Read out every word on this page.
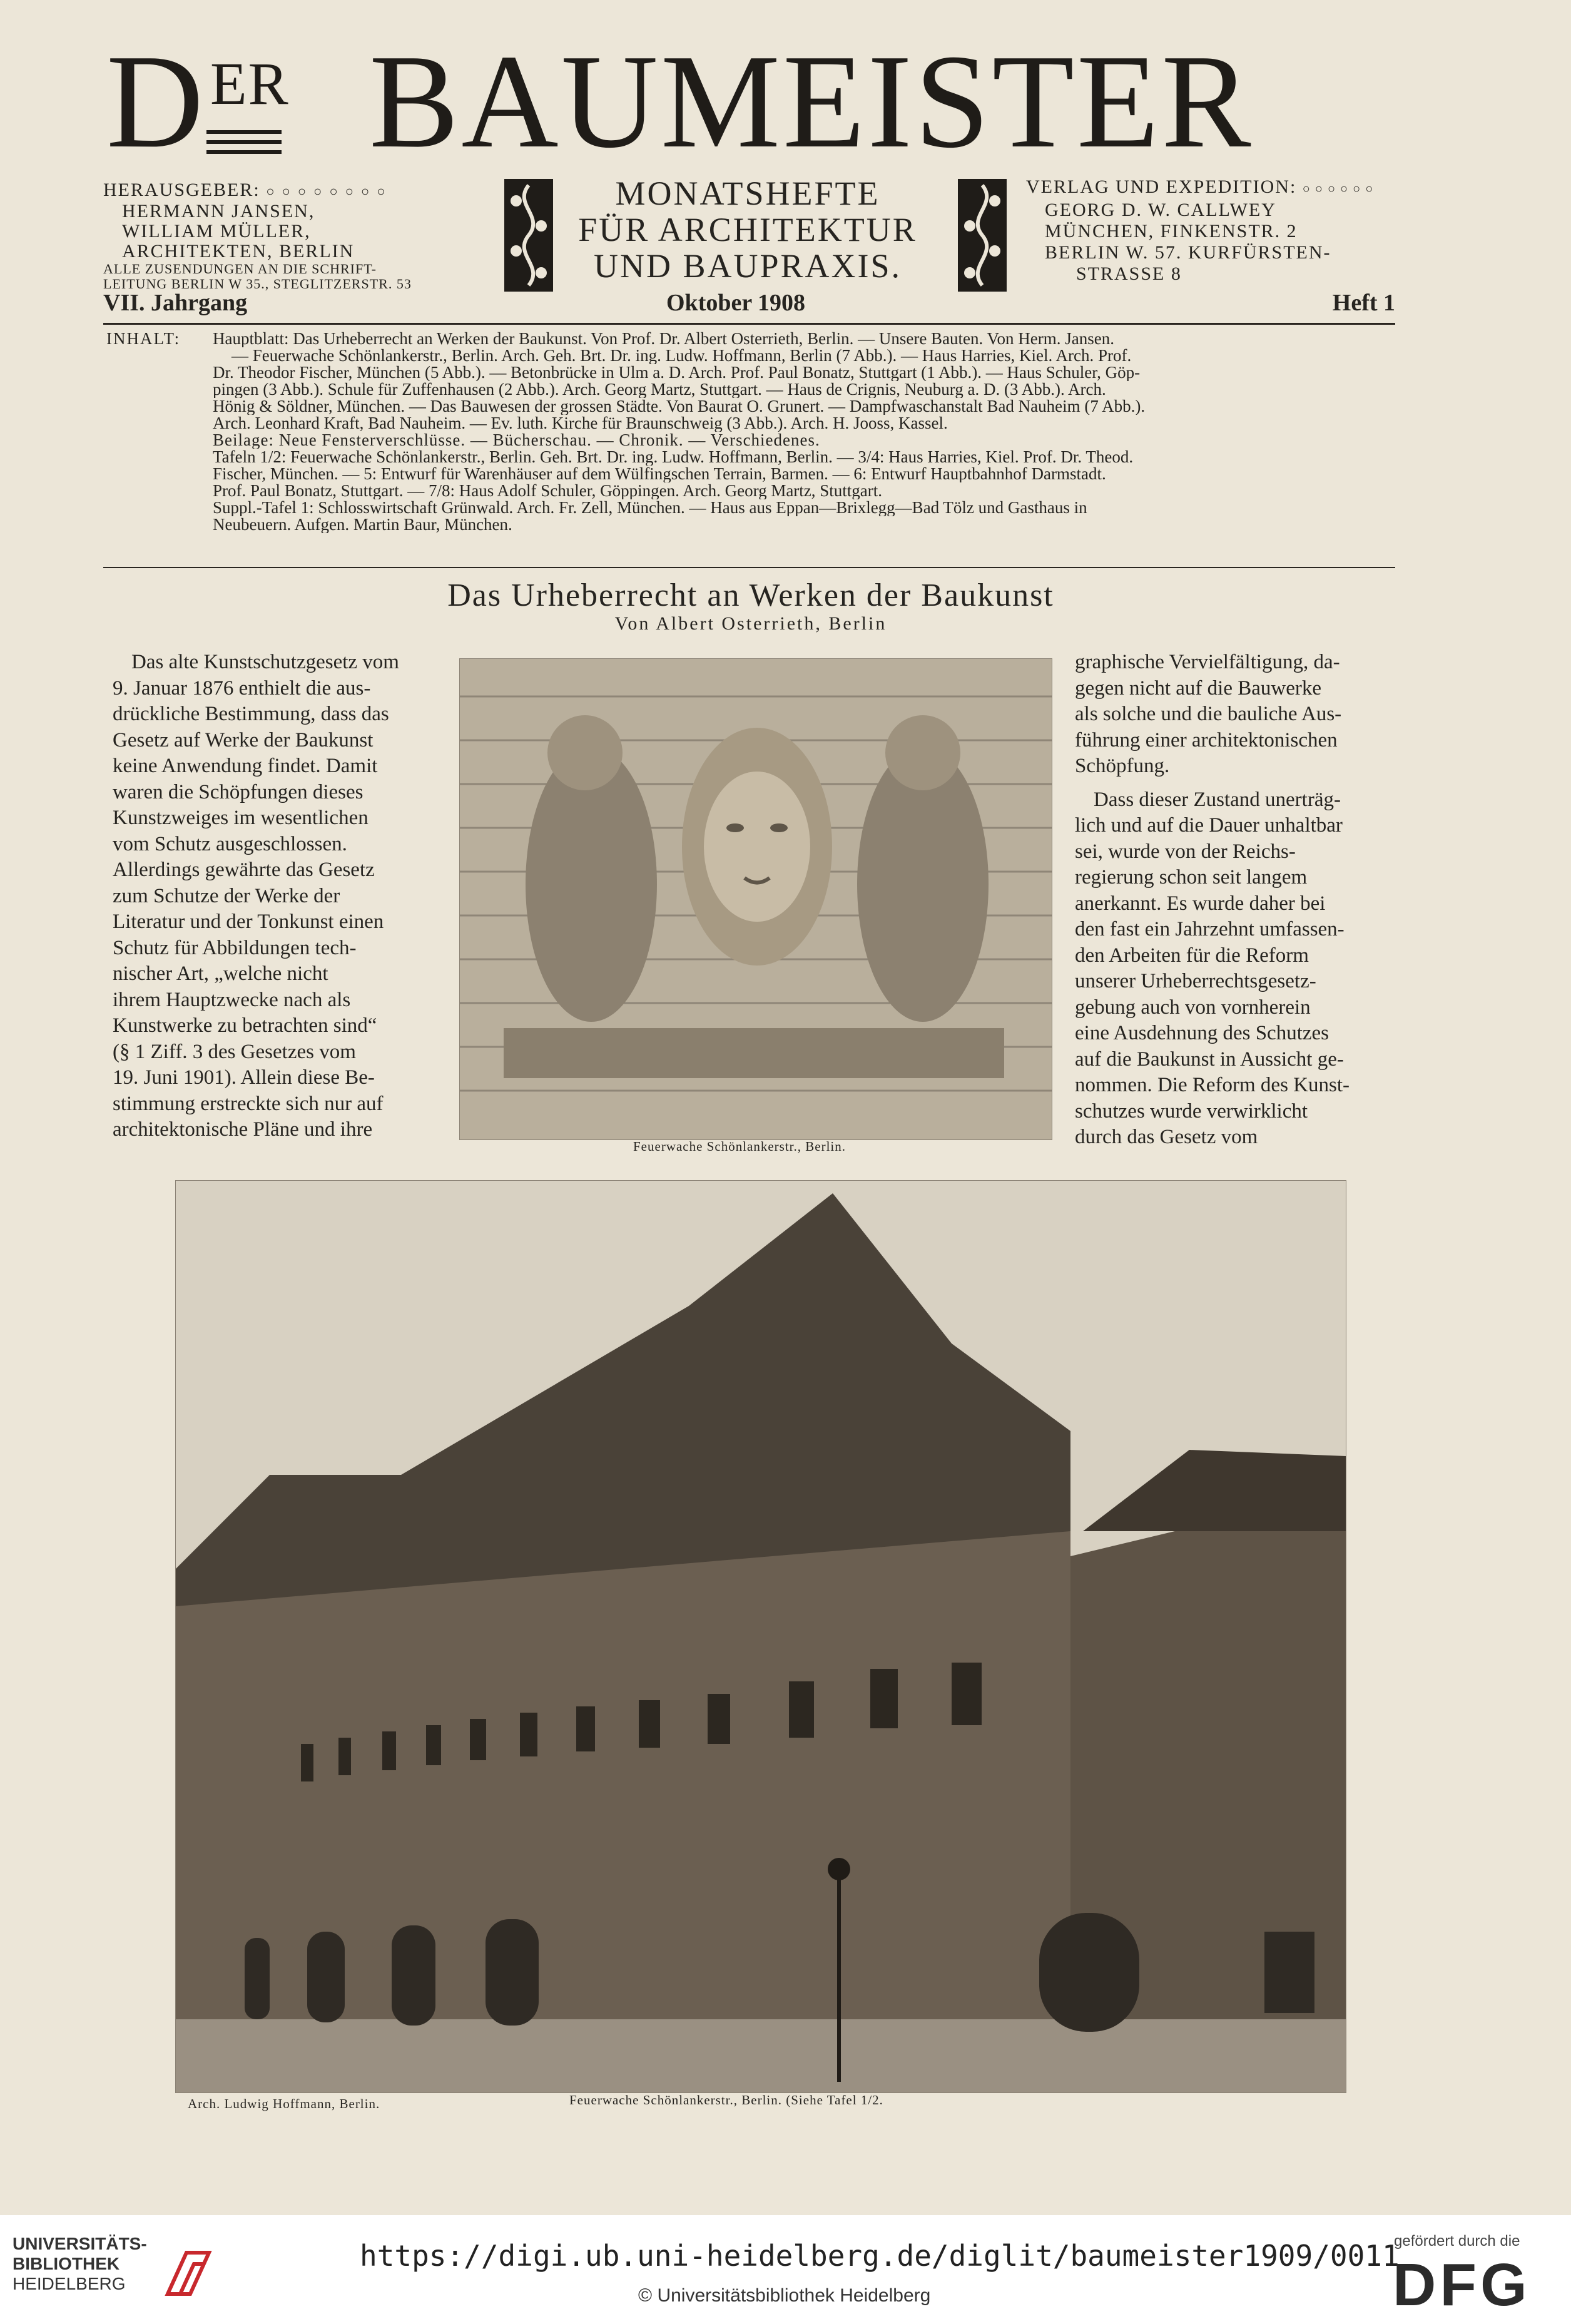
D ER BAUMEISTER
HERAUSGEBER: ○○○○○○○○
HERMANN JANSEN,
WILLIAM MÜLLER,
ARCHITEKTEN, BERLIN
ALLE ZUSENDUNGEN AN DIE SCHRIFT-
LEITUNG BERLIN W 35., STEGLITZERSTR. 53
MONATSHEFTE
FÜR ARCHITEKTUR
UND BAUPRAXIS.
VERLAG UND EXPEDITION: ○○○○○○
GEORG D. W. CALLWEY
MÜNCHEN, FINKENSTR. 2
BERLIN W. 57. KURFÜRSTEN-
STRASSE 8
VII. Jahrgang	Oktober 1908	Heft 1
INHALT: Hauptblatt: Das Urheberrecht an Werken der Baukunst. Von Prof. Dr. Albert Osterrieth, Berlin. — Unsere Bauten. Von Herm. Jansen.
— Feuerwache Schönlankerstr., Berlin. Arch. Geh. Brt. Dr. ing. Ludw. Hoffmann, Berlin (7 Abb.). — Haus Harries, Kiel. Arch. Prof.
Dr. Theodor Fischer, München (5 Abb.). — Betonbrücke in Ulm a. D. Arch. Prof. Paul Bonatz, Stuttgart (1 Abb.). — Haus Schuler, Göp-
pingen (3 Abb.). Schule für Zuffenhausen (2 Abb.). Arch. Georg Martz, Stuttgart. — Haus de Crignis, Neuburg a. D. (3 Abb.). Arch.
Hönig & Söldner, München. — Das Bauwesen der grossen Städte. Von Baurat O. Grunert. — Dampfwaschanstalt Bad Nauheim (7 Abb.).
Arch. Leonhard Kraft, Bad Nauheim. — Ev. luth. Kirche für Braunschweig (3 Abb.). Arch. H. Jooss, Kassel.
Beilage: Neue Fensterverschlüsse. — Bücherschau. — Chronik. — Verschiedenes.
Tafeln 1/2: Feuerwache Schönlankerstr., Berlin. Geh. Brt. Dr. ing. Ludw. Hoffmann, Berlin. — 3/4: Haus Harries, Kiel. Prof. Dr. Theod.
Fischer, München. — 5: Entwurf für Warenhäuser auf dem Wülfingschen Terrain, Barmen. — 6: Entwurf Hauptbahnhof Darmstadt.
Prof. Paul Bonatz, Stuttgart. — 7/8: Haus Adolf Schuler, Göppingen. Arch. Georg Martz, Stuttgart.
Suppl.-Tafel 1: Schlosswirtschaft Grünwald. Arch. Fr. Zell, München. — Haus aus Eppan—Brixlegg—Bad Tölz und Gasthaus in
Neubeuern. Aufgen. Martin Baur, München.
Das Urheberrecht an Werken der Baukunst
Von Albert Osterrieth, Berlin
Das alte Kunstschutzgesetz vom
9. Januar 1876 enthielt die aus-
drückliche Bestimmung, dass das
Gesetz auf Werke der Baukunst
keine Anwendung findet. Damit
waren die Schöpfungen dieses
Kunstzweiges im wesentlichen
vom Schutz ausgeschlossen.
Allerdings gewährte das Gesetz
zum Schutze der Werke der
Literatur und der Tonkunst einen
Schutz für Abbildungen tech-
nischer Art, „welche nicht
ihrem Hauptzwecke nach als
Kunstwerke zu betrachten sind“
(§ 1 Ziff. 3 des Gesetzes vom
19. Juni 1901). Allein diese Be-
stimmung erstreckte sich nur auf
architektonische Pläne und ihre
Feuerwache Schönlankerstr., Berlin.
graphische Vervielfältigung, da-
gegen nicht auf die Bauwerke
als solche und die bauliche Aus-
führung einer architektonischen
Schöpfung.
Dass dieser Zustand unerträg-
lich und auf die Dauer unhaltbar
sei, wurde von der Reichs-
regierung schon seit langem
anerkannt. Es wurde daher bei
den fast ein Jahrzehnt umfassen-
den Arbeiten für die Reform
unserer Urheberrechtsgesetz-
gebung auch von vornherein
eine Ausdehnung des Schutzes
auf die Baukunst in Aussicht ge-
nommen. Die Reform des Kunst-
schutzes wurde verwirklicht
durch das Gesetz vom
Arch. Ludwig Hoffmann, Berlin.	Feuerwache Schönlankerstr., Berlin. (Siehe Tafel 1/2.
UNIVERSITÄTS-
BIBLIOTHEK
HEIDELBERG
https://digi.ub.uni-heidelberg.de/diglit/baumeister1909/0011
© Universitätsbibliothek Heidelberg
gefördert durch die
DFG
